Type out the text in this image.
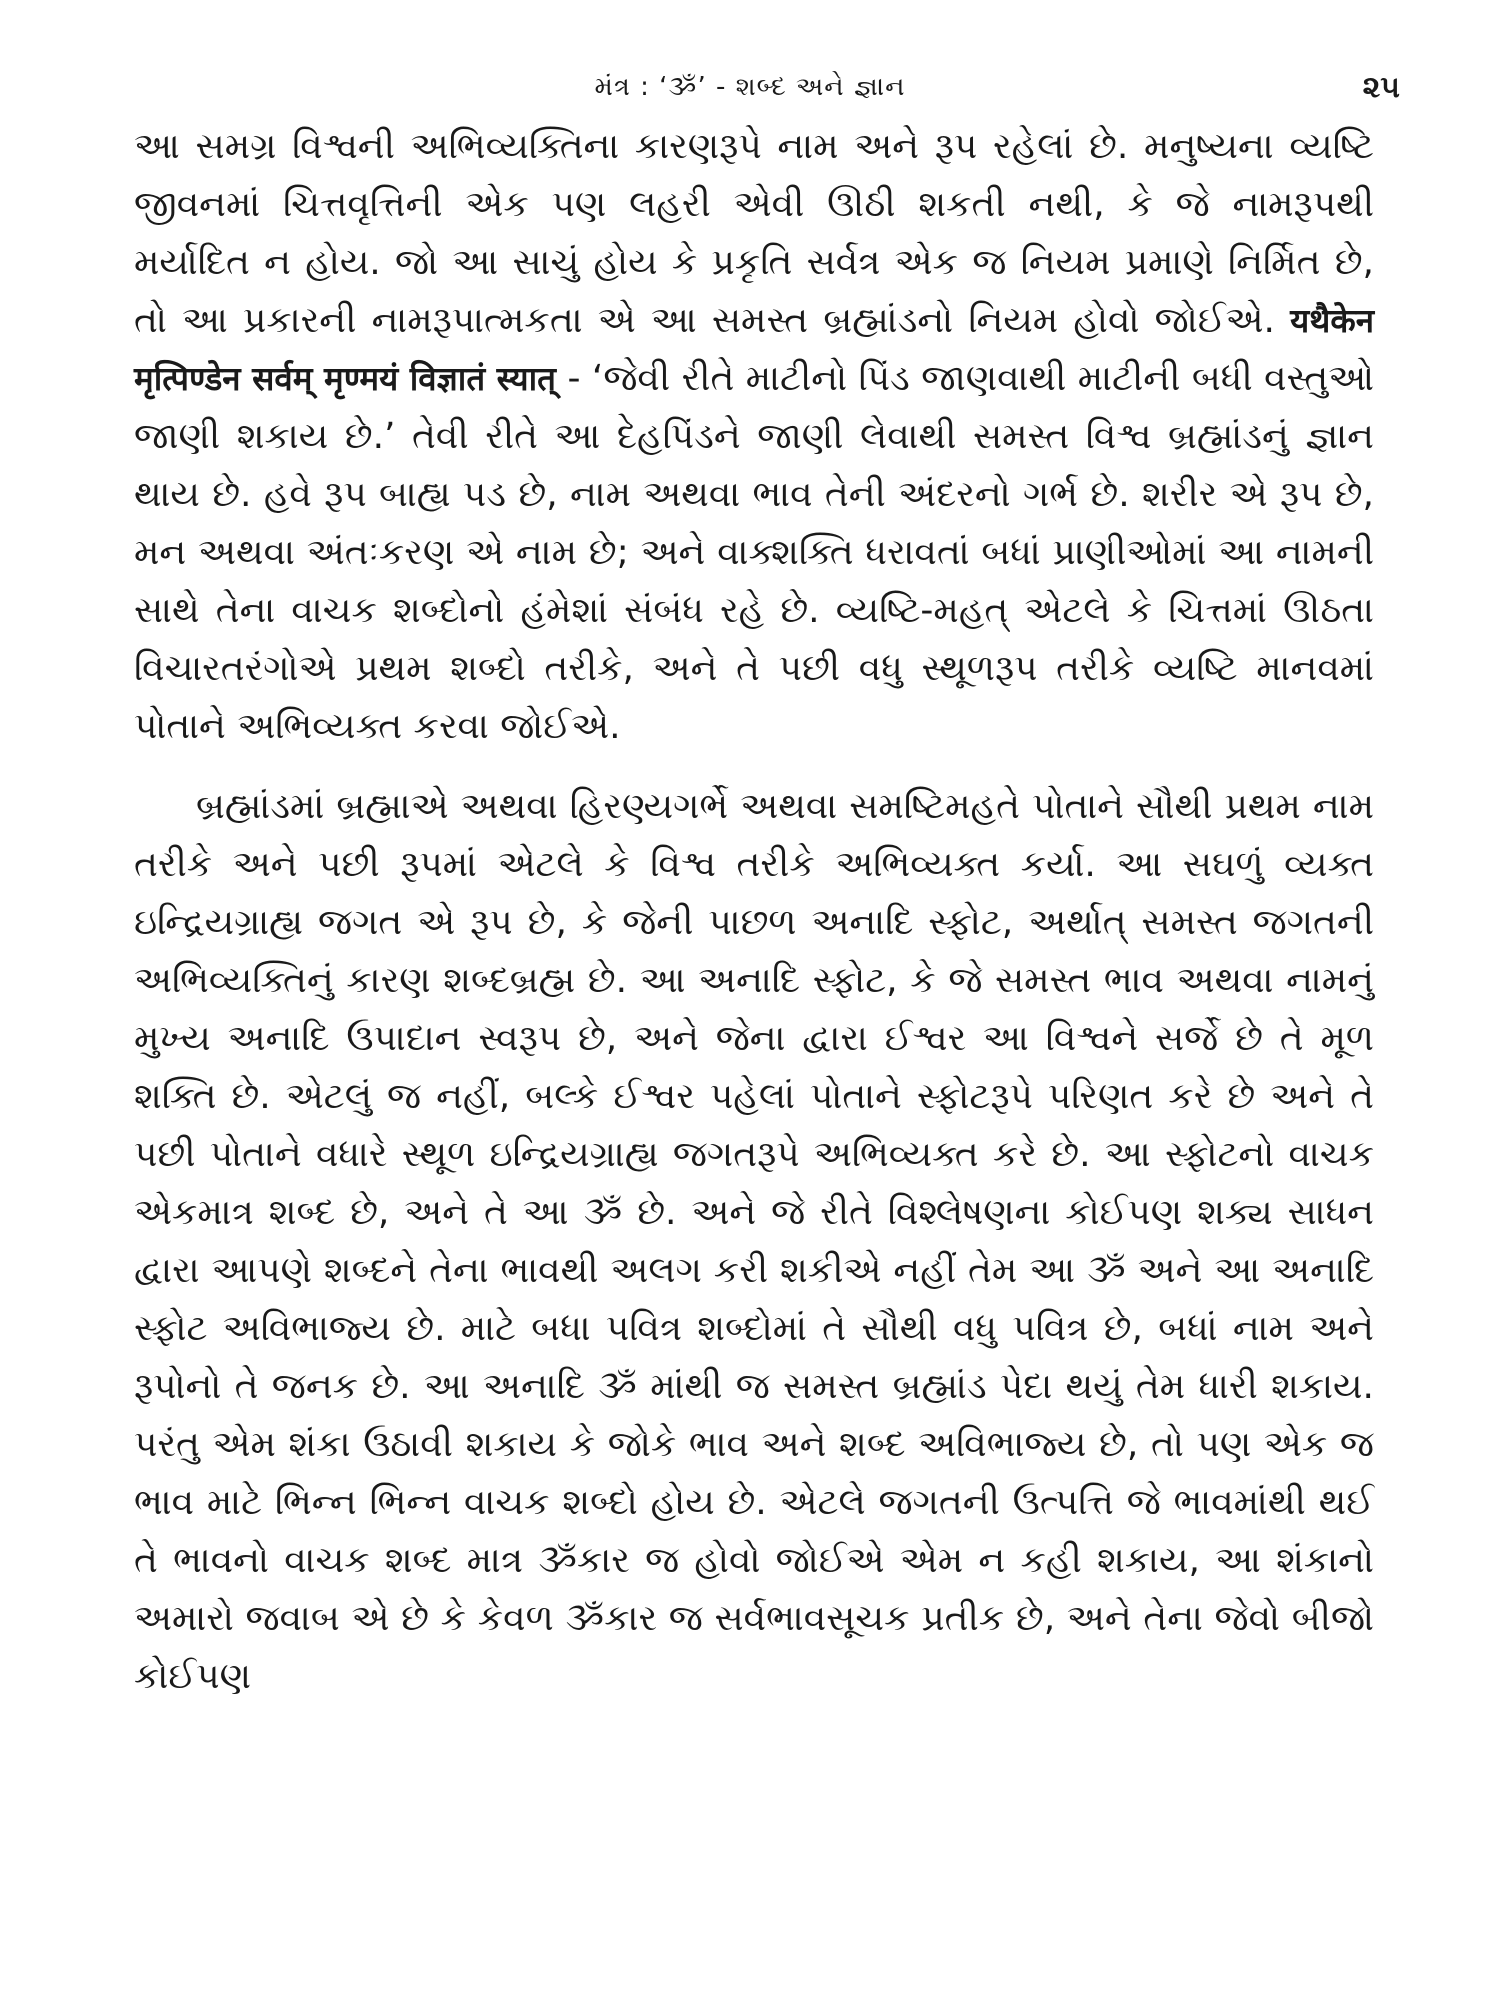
મંત્ર : ‘ૐ’ - શબ્દ અને જ્ઞાન	૨૫

આ સમગ્ર વિશ્વની અભિવ્યક્તિના કારણરૂપે નામ અને રૂપ રહેલાં છે. મનુષ્યના વ્યષ્ટિ જીવનમાં ચિત્તવૃત્તિની એક પણ લહરી એવી ઊઠી શકતી નથી, કે જે નામરૂપથી મર્યાદિત ન હોય. જો આ સાચું હોય કે પ્રકૃતિ સર્વત્ર એક જ નિયમ પ્રમાણે નિર્મિત છે, તો આ પ્રકારની નામરૂપાત્મકતા એ આ સમસ્ત બ્રહ્માંડનો નિયમ હોવો જોઈએ. यथैकेन मृत्पिण्डेन सर्वम् मृण्मयं विज्ञातं स्यात् - ‘જેવી રીતે માટીનો પિંડ જાણવાથી માટીની બધી વસ્તુઓ જાણી શકાય છે.’ તેવી રીતે આ દેહપિંડને જાણી લેવાથી સમસ્ત વિશ્વ બ્રહ્માંડનું જ્ઞાન થાય છે. હવે રૂપ બાહ્ય પડ છે, નામ અથવા ભાવ તેની અંદરનો ગર્ભ છે. શરીર એ રૂપ છે, મન અથવા અંતઃકરણ એ નામ છે; અને વાક્શક્તિ ધરાવતાં બધાં પ્રાણીઓમાં આ નામની સાથે તેના વાચક શબ્દોનો હંમેશાં સંબંધ રહે છે. વ્યષ્ટિ-મહત્ એટલે કે ચિત્તમાં ઊઠતા વિચારતરંગોએ પ્રથમ શબ્દો તરીકે, અને તે પછી વધુ સ્થૂળરૂપ તરીકે વ્યષ્ટિ માનવમાં પોતાને અભિવ્યક્ત કરવા જોઈએ.

બ્રહ્માંડમાં બ્રહ્માએ અથવા હિરણ્યગર્ભે અથવા સમષ્ટિમહતે પોતાને સૌથી પ્રથમ નામ તરીકે અને પછી રૂપમાં એટલે કે વિશ્વ તરીકે અભિવ્યક્ત કર્યા. આ સઘળું વ્યક્ત ઇન્દ્રિયગ્રાહ્ય જગત એ રૂપ છે, કે જેની પાછળ અનાદિ સ્ફોટ, અર્થાત્ સમસ્ત જગતની અભિવ્યક્તિનું કારણ શબ્દબ્રહ્મ છે. આ અનાદિ સ્ફોટ, કે જે સમસ્ત ભાવ અથવા નામનું મુખ્ય અનાદિ ઉપાદાન સ્વરૂપ છે, અને જેના દ્વારા ઈશ્વર આ વિશ્વને સર્જે છે તે મૂળ શક્તિ છે. એટલું જ નહીં, બલ્કે ઈશ્વર પહેલાં પોતાને સ્ફોટરૂપે પરિણત કરે છે અને તે પછી પોતાને વધારે સ્થૂળ ઇન્દ્રિયગ્રાહ્ય જગતરૂપે અભિવ્યક્ત કરે છે. આ સ્ફોટનો વાચક એકમાત્ર શબ્દ છે, અને તે આ ૐ છે. અને જે રીતે વિશ્લેષણના કોઈપણ શક્ય સાધન દ્વારા આપણે શબ્દને તેના ભાવથી અલગ કરી શકીએ નહીં તેમ આ ૐ અને આ અનાદિ સ્ફોટ અવિભાજ્ય છે. માટે બધા પવિત્ર શબ્દોમાં તે સૌથી વધુ પવિત્ર છે, બધાં નામ અને રૂપોનો તે જનક છે. આ અનાદિ ૐ માંથી જ સમસ્ત બ્રહ્માંડ પેદા થયું તેમ ધારી શકાય. પરંતુ એમ શંકા ઉઠાવી શકાય કે જોકે ભાવ અને શબ્દ અવિભાજ્ય છે, તો પણ એક જ ભાવ માટે ભિન્ન ભિન્ન વાચક શબ્દો હોય છે. એટલે જગતની ઉત્પત્તિ જે ભાવમાંથી થઈ તે ભાવનો વાચક શબ્દ માત્ર ૐકાર જ હોવો જોઈએ એમ ન કહી શકાય, આ શંકાનો અમારો જવાબ એ છે કે કેવળ ૐકાર જ સર્વભાવસૂચક પ્રતીક છે, અને તેના જેવો બીજો કોઈપણ
